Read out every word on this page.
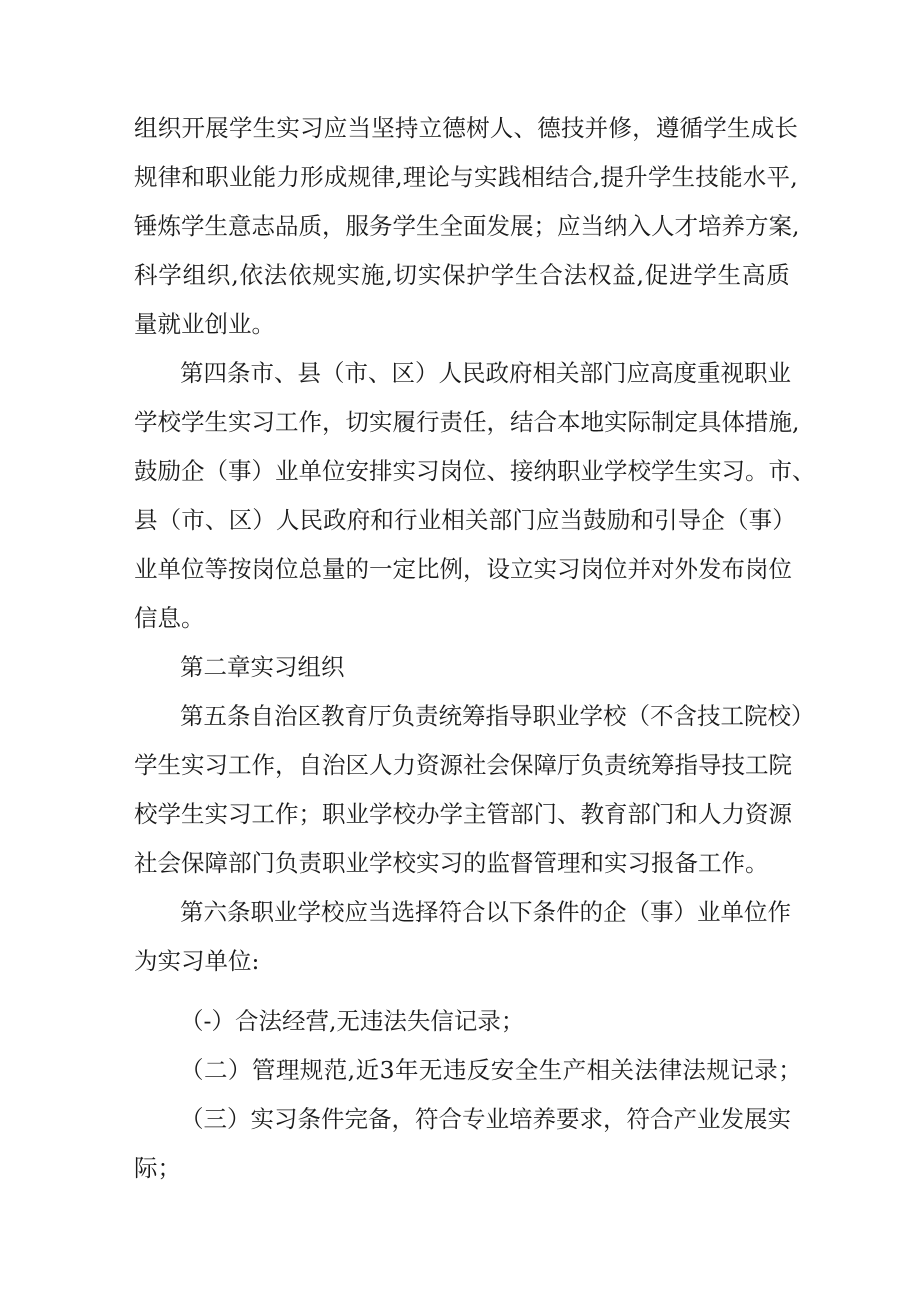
组 织 开 展 学 生 实 习 应 当 坚 持 立 德 树 人 、 德 技 并 修 ， 遵 循 学 生 成 长

规 律 和 职 业 能 力 形 成 规 律 , 理 论 与 实 践 相 结 合 , 提 升 学 生 技 能 水 平 ,

锤 炼 学 生 意 志 品 质 ， 服 务 学 生 全 面 发 展 ； 应 当 纳 入 人 才 培 养 方 案 ,

科 学 组 织 , 依 法 依 规 实 施 , 切 实 保 护 学 生 合 法 权 益 , 促 进 学 生 高 质

量就业创业。

第 四 条 市 、 县 （ 市 、 区 ） 人 民 政 府 相 关 部 门 应 高 度 重 视 职 业

学 校 学 生 实 习 工 作 ， 切 实 履 行 责 任 ， 结 合 本 地 实 际 制 定 具 体 措 施 ,

鼓 励 企 （ 事 ） 业 单 位 安 排 实 习 岗 位 、 接 纳 职 业 学 校 学 生 实 习 。 市 、

县 （ 市 、 区 ） 人 民 政 府 和 行 业 相 关 部 门 应 当 鼓 励 和 引 导 企 （ 事 ）

业 单 位 等 按 岗 位 总 量 的 一 定 比 例 ， 设 立 实 习 岗 位 并 对 外 发 布 岗 位

信息。

第二章实习组织

第 五 条 自 治 区 教 育 厅 负 责 统 筹 指 导 职 业 学 校 （ 不 含 技 工 院 校 ）

学 生 实 习 工 作 ， 自 治 区 人 力 资 源 社 会 保 障 厅 负 责 统 筹 指 导 技 工 院

校 学 生 实 习 工 作 ； 职 业 学 校 办 学 主 管 部 门 、 教 育 部 门 和 人 力 资 源

社 会 保 障 部 门 负 责 职 业 学 校 实 习 的 监 督 管 理 和 实 习 报 备 工 作 。

第 六 条 职 业 学 校 应 当 选 择 符 合 以 下 条 件 的 企 （ 事 ） 业 单 位 作

为实习单位:

（-）合法经营,无违法失信记录；

（ 二 ） 管 理 规 范 , 近 3 年 无 违 反 安 全 生 产 相 关 法 律 法 规 记 录 ；

（ 三 ） 实 习 条 件 完 备 ， 符 合 专 业 培 养 要 求 ， 符 合 产 业 发 展 实

际；
